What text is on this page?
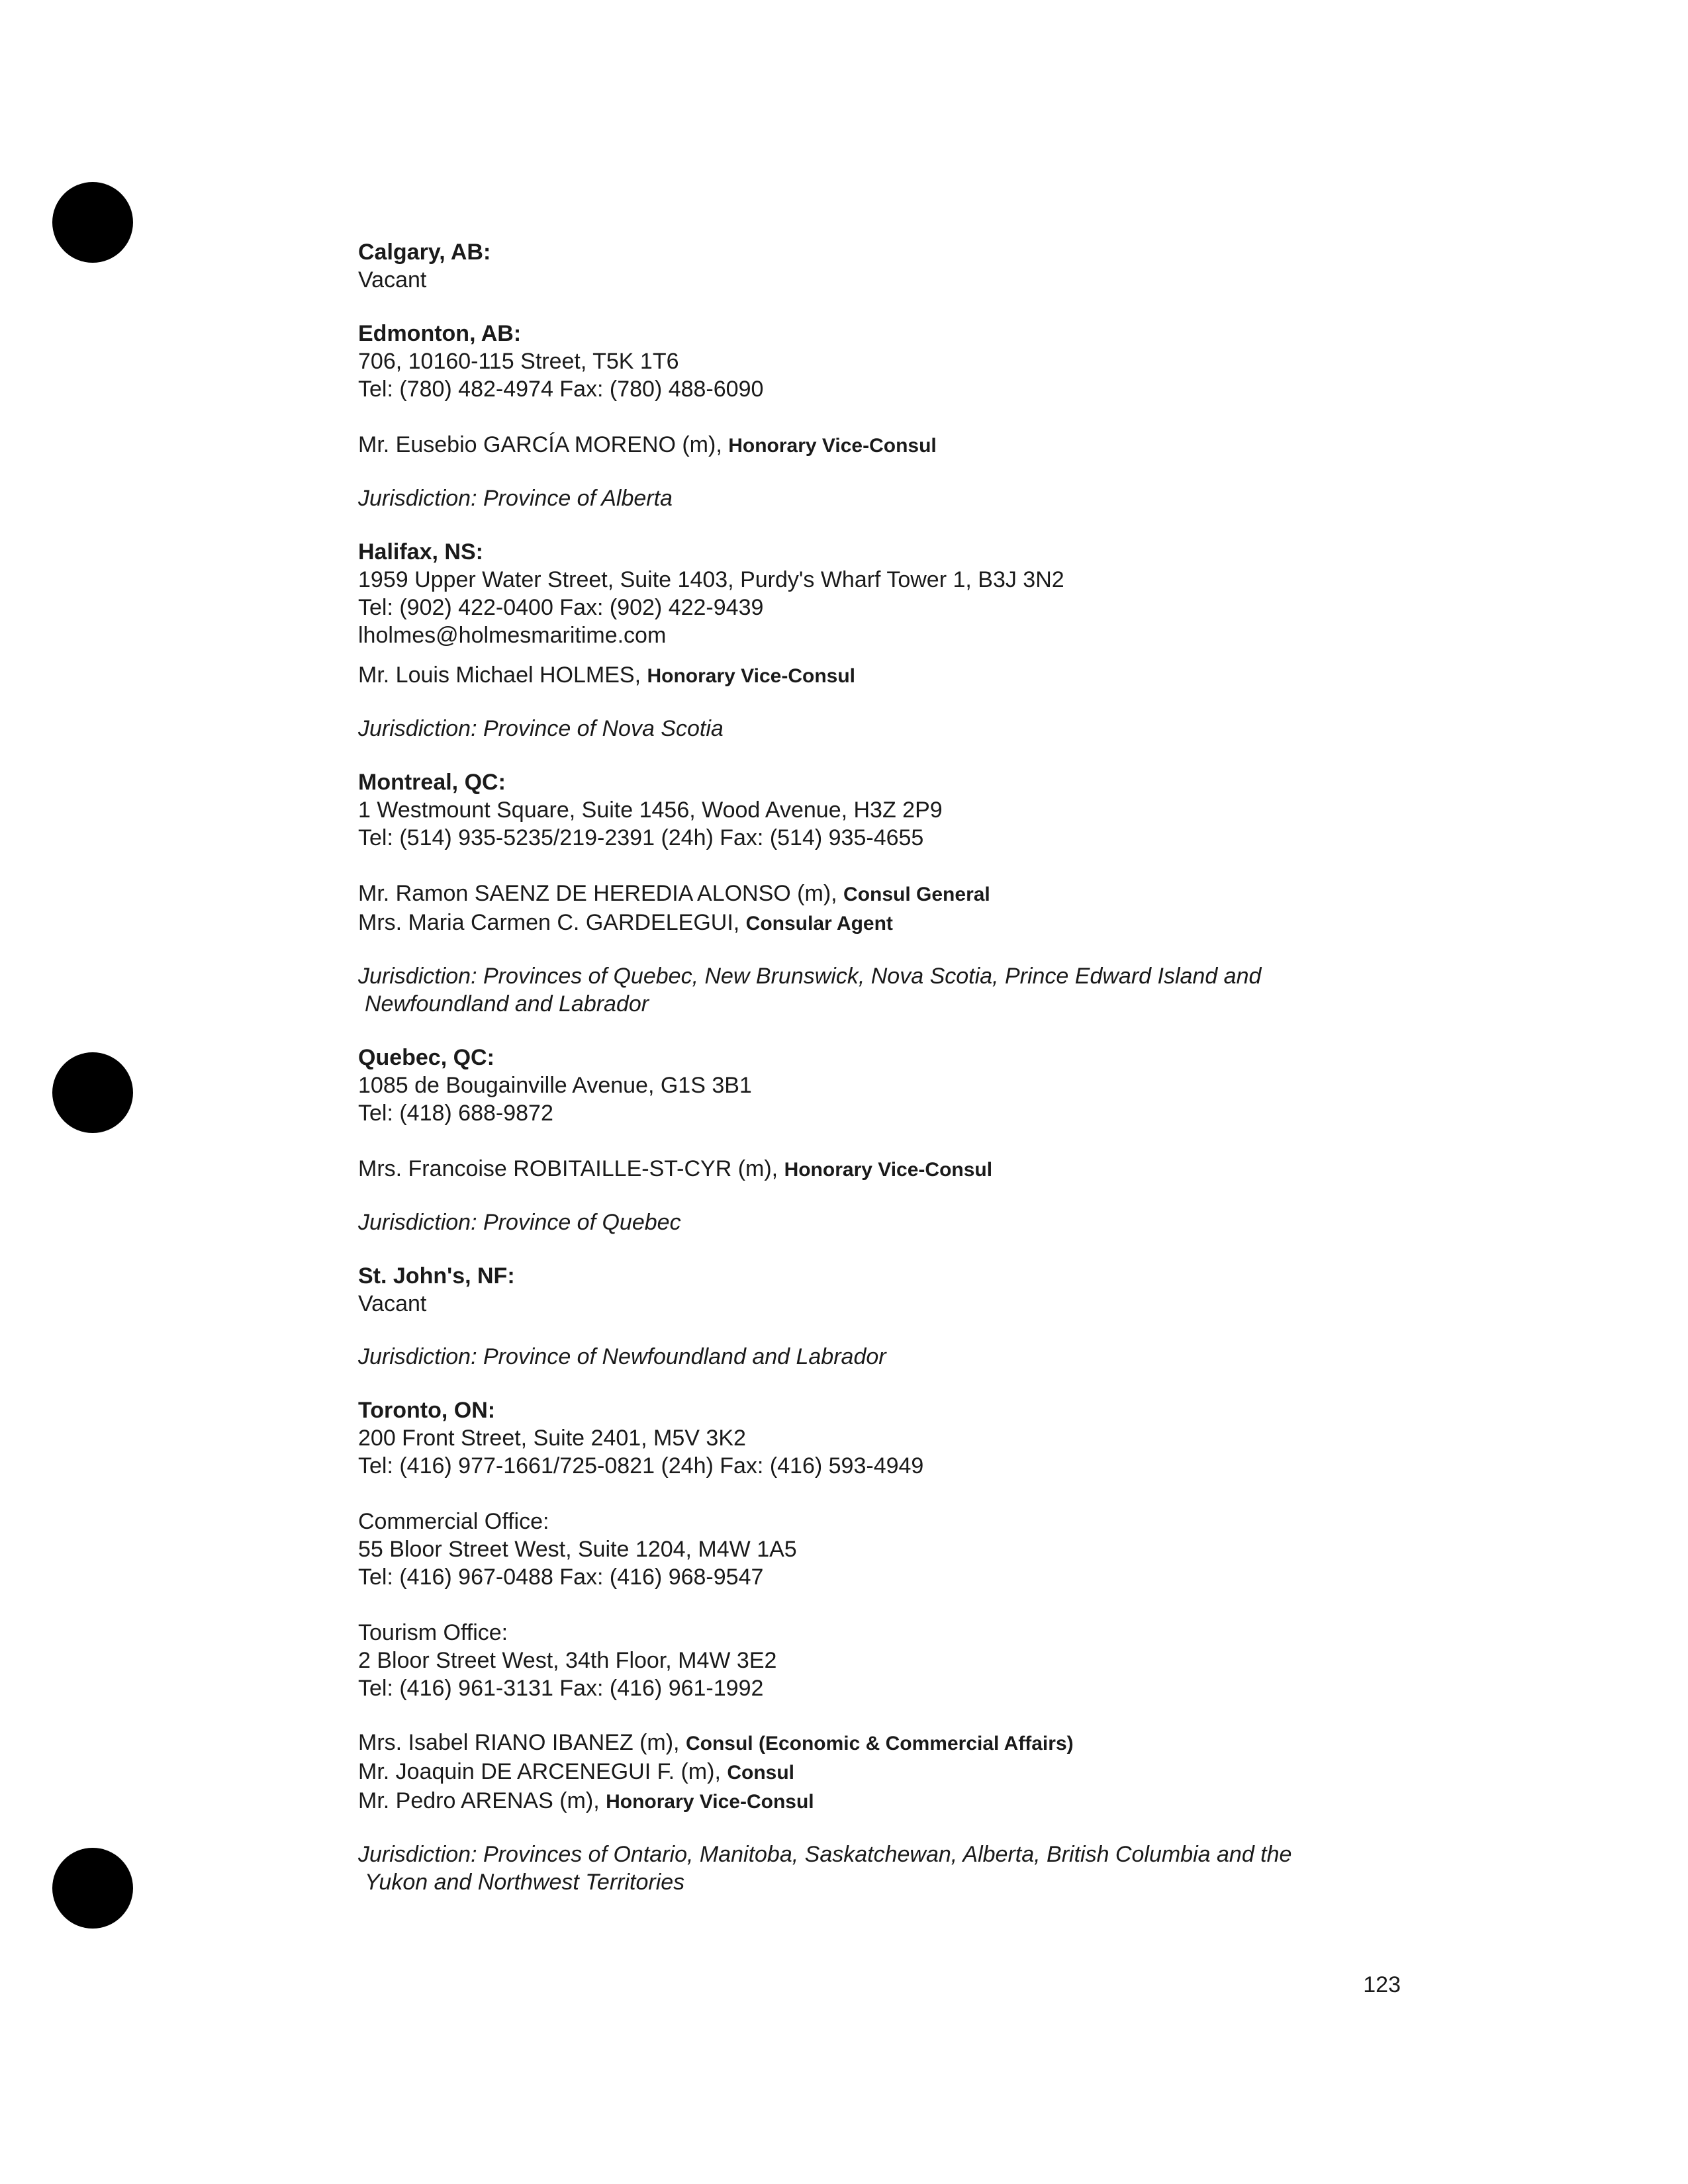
Calgary, AB:
Vacant
Edmonton, AB:
706, 10160-115 Street, T5K 1T6
Tel: (780) 482-4974 Fax: (780) 488-6090
Mr. Eusebio GARCÍA MORENO (m), Honorary Vice-Consul
Jurisdiction: Province of Alberta
Halifax, NS:
1959 Upper Water Street, Suite 1403, Purdy's Wharf Tower 1, B3J 3N2
Tel: (902) 422-0400 Fax: (902) 422-9439
lholmes@holmesmaritime.com
Mr. Louis Michael HOLMES, Honorary Vice-Consul
Jurisdiction: Province of Nova Scotia
Montreal, QC:
1 Westmount Square, Suite 1456, Wood Avenue, H3Z 2P9
Tel: (514) 935-5235/219-2391 (24h) Fax: (514) 935-4655
Mr. Ramon SAENZ DE HEREDIA ALONSO (m), Consul General
Mrs. Maria Carmen C. GARDELEGUI, Consular Agent
Jurisdiction: Provinces of Quebec, New Brunswick, Nova Scotia, Prince Edward Island and
Newfoundland and Labrador
Quebec, QC:
1085 de Bougainville Avenue, G1S 3B1
Tel: (418) 688-9872
Mrs. Francoise ROBITAILLE-ST-CYR (m), Honorary Vice-Consul
Jurisdiction: Province of Quebec
St. John's, NF:
Vacant
Jurisdiction: Province of Newfoundland and Labrador
Toronto, ON:
200 Front Street, Suite 2401, M5V 3K2
Tel: (416) 977-1661/725-0821 (24h) Fax: (416) 593-4949
Commercial Office:
55 Bloor Street West, Suite 1204, M4W 1A5
Tel: (416) 967-0488 Fax: (416) 968-9547
Tourism Office:
2 Bloor Street West, 34th Floor, M4W 3E2
Tel: (416) 961-3131 Fax: (416) 961-1992
Mrs. Isabel RIANO IBANEZ (m), Consul (Economic & Commercial Affairs)
Mr. Joaquin DE ARCENEGUI F. (m), Consul
Mr. Pedro ARENAS (m), Honorary Vice-Consul
Jurisdiction: Provinces of Ontario, Manitoba, Saskatchewan, Alberta, British Columbia and the
Yukon and Northwest Territories
123
